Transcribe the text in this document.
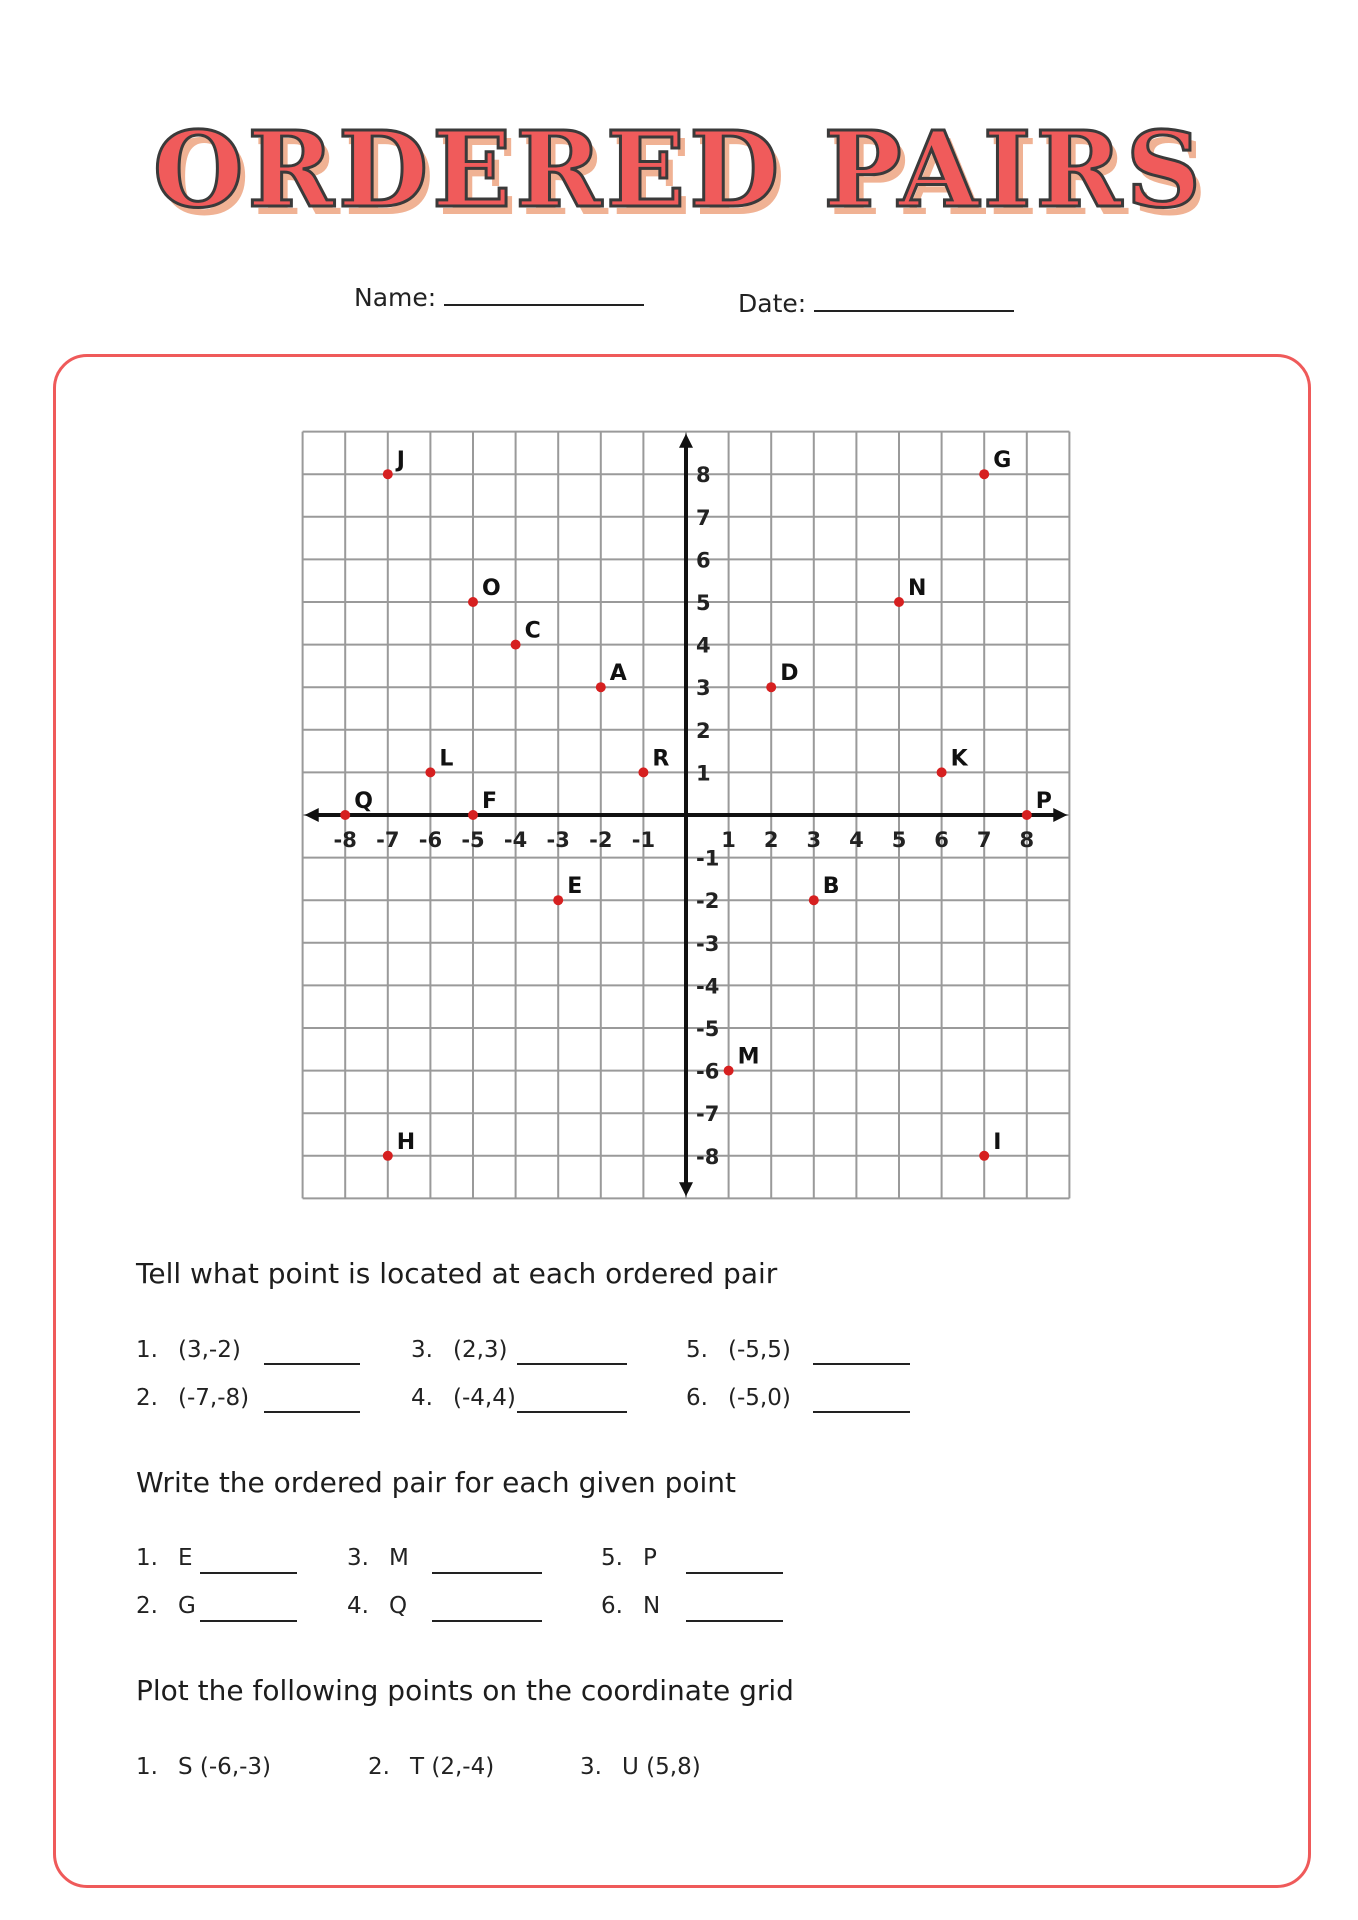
ORDERED PAIRS
Name:	Date:
-8 -7 -6 -5 -4 -3 -2 -1	1 2 3 4 5 6 7 8
8
7
6
5
4
3
2
1
-1
-2
-3
-4
-5
-6
-7
-8
J	G
O	N
C
A	D
L	R	K
Q	F	P
E	B
M
H	I
Tell what point is located at each ordered pair
1. (3,-2)
2. (-7,-8)
3. (2,3)
4. (-4,4)
5. (-5,5)
6. (-5,0)
Write the ordered pair for each given point
1. E
2. G
3. M
4. Q
5. P
6. N
Plot the following points on the coordinate grid
1. S (-6,-3)	2. T (2,-4)	3. U (5,8)
